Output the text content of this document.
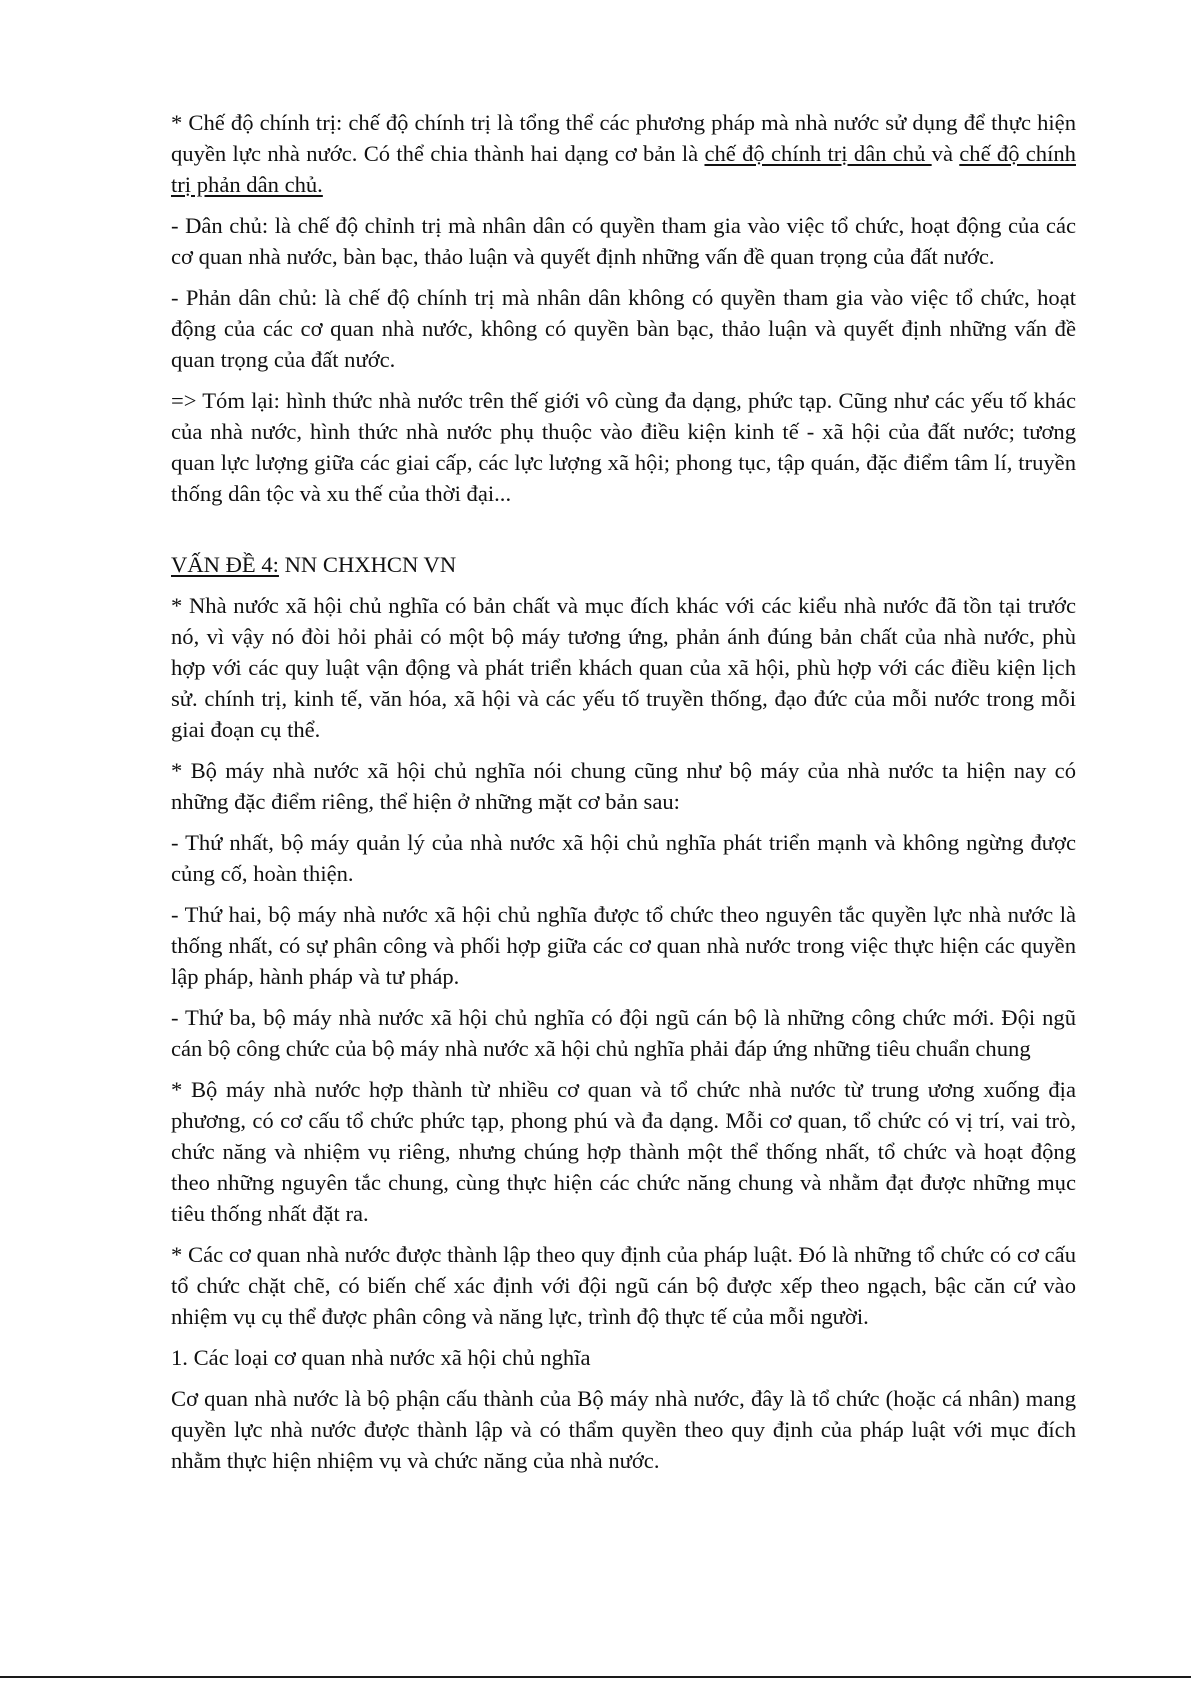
* Chế độ chính trị: chế độ chính trị là tổng thể các phương pháp mà nhà nước sử dụng để thực hiện quyền lực nhà nước. Có thể chia thành hai dạng cơ bản là chế độ chính trị dân chủ và chế độ chính trị phản dân chủ.

- Dân chủ: là chế độ chỉnh trị mà nhân dân có quyền tham gia vào việc tổ chức, hoạt động của các cơ quan nhà nước, bàn bạc, thảo luận và quyết định những vấn đề quan trọng của đất nước.

- Phản dân chủ: là chế độ chính trị mà nhân dân không có quyền tham gia vào việc tổ chức, hoạt động của các cơ quan nhà nước, không có quyền bàn bạc, thảo luận và quyết định những vấn đề quan trọng của đất nước.

=> Tóm lại: hình thức nhà nước trên thế giới vô cùng đa dạng, phức tạp. Cũng như các yếu tố khác của nhà nước, hình thức nhà nước phụ thuộc vào điều kiện kinh tế - xã hội của đất nước; tương quan lực lượng giữa các giai cấp, các lực lượng xã hội; phong tục, tập quán, đặc điểm tâm lí, truyền thống dân tộc và xu thế của thời đại...

VẤN ĐỀ 4: NN CHXHCN VN

* Nhà nước xã hội chủ nghĩa có bản chất và mục đích khác với các kiểu nhà nước đã tồn tại trước nó, vì vậy nó đòi hỏi phải có một bộ máy tương ứng, phản ánh đúng bản chất của nhà nước, phù hợp với các quy luật vận động và phát triển khách quan của xã hội, phù hợp với các điều kiện lịch sử. chính trị, kinh tế, văn hóa, xã hội và các yếu tố truyền thống, đạo đức của mỗi nước trong mỗi giai đoạn cụ thể.

* Bộ máy nhà nước xã hội chủ nghĩa nói chung cũng như bộ máy của nhà nước ta hiện nay có những đặc điểm riêng, thể hiện ở những mặt cơ bản sau:

- Thứ nhất, bộ máy quản lý của nhà nước xã hội chủ nghĩa phát triển mạnh và không ngừng được củng cố, hoàn thiện.

- Thứ hai, bộ máy nhà nước xã hội chủ nghĩa được tổ chức theo nguyên tắc quyền lực nhà nước là thống nhất, có sự phân công và phối hợp giữa các cơ quan nhà nước trong việc thực hiện các quyền lập pháp, hành pháp và tư pháp.

- Thứ ba, bộ máy nhà nước xã hội chủ nghĩa có đội ngũ cán bộ là những công chức mới. Đội ngũ cán bộ công chức của bộ máy nhà nước xã hội chủ nghĩa phải đáp ứng những tiêu chuẩn chung

* Bộ máy nhà nước hợp thành từ nhiều cơ quan và tổ chức nhà nước từ trung ương xuống địa phương, có cơ cấu tổ chức phức tạp, phong phú và đa dạng. Mỗi cơ quan, tổ chức có vị trí, vai trò, chức năng và nhiệm vụ riêng, nhưng chúng hợp thành một thể thống nhất, tổ chức và hoạt động theo những nguyên tắc chung, cùng thực hiện các chức năng chung và nhằm đạt được những mục tiêu thống nhất đặt ra.

* Các cơ quan nhà nước được thành lập theo quy định của pháp luật. Đó là những tổ chức có cơ cấu tổ chức chặt chẽ, có biến chế xác định với đội ngũ cán bộ được xếp theo ngạch, bậc căn cứ vào nhiệm vụ cụ thể được phân công và năng lực, trình độ thực tế của mỗi người.

1. Các loại cơ quan nhà nước xã hội chủ nghĩa

Cơ quan nhà nước là bộ phận cấu thành của Bộ máy nhà nước, đây là tổ chức (hoặc cá nhân) mang quyền lực nhà nước được thành lập và có thẩm quyền theo quy định của pháp luật với mục đích nhằm thực hiện nhiệm vụ và chức năng của nhà nước.
